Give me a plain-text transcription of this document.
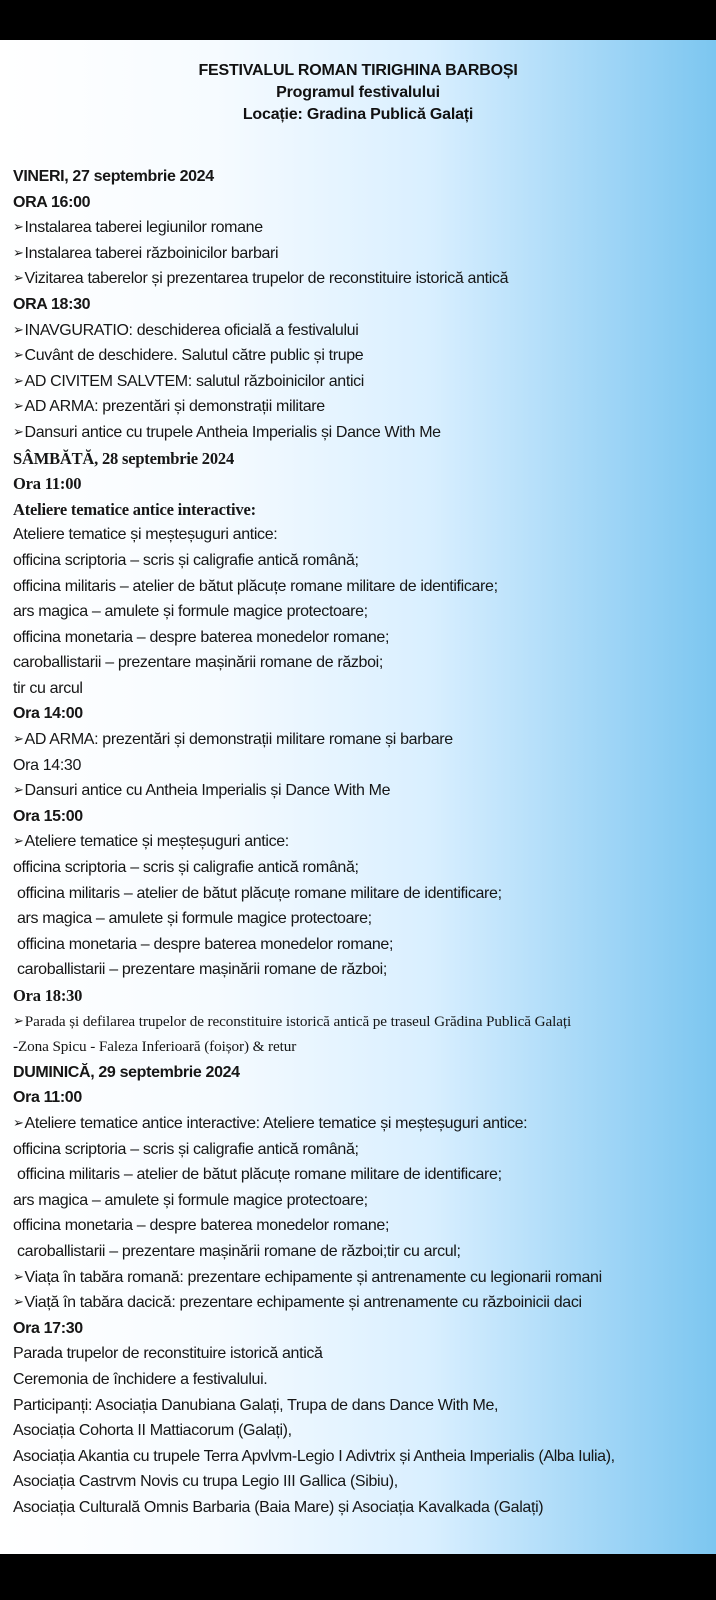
FESTIVALUL ROMAN TIRIGHINA BARBOȘI
Programul festivalului
Locație: Gradina Publică Galați
VINERI, 27 septembrie 2024
ORA 16:00
➢Instalarea taberei legiunilor romane
➢Instalarea taberei războinicilor barbari
➢Vizitarea taberelor și prezentarea trupelor de reconstituire istorică antică
ORA 18:30
➢INAVGURATIO: deschiderea oficială a festivalului
➢Cuvânt de deschidere. Salutul către public și trupe
➢AD CIVITEM SALVTEM: salutul războinicilor antici
➢AD ARMA: prezentări și demonstrații militare
➢Dansuri antice cu trupele Antheia Imperialis și Dance With Me
SÂMBĂTĂ, 28 septembrie 2024
Ora 11:00
Ateliere tematice antice interactive:
Ateliere tematice și meșteșuguri antice:
officina scriptoria – scris și caligrafie antică română;
officina militaris – atelier de bătut plăcuțe romane militare de identificare;
ars magica – amulete și formule magice protectoare;
officina monetaria – despre baterea monedelor romane;
caroballistarii – prezentare mașinării romane de război;
tir cu arcul
Ora 14:00
➢AD ARMA: prezentări și demonstrații militare romane și barbare
Ora 14:30
➢Dansuri antice cu Antheia Imperialis și Dance With Me
Ora 15:00
➢Ateliere tematice și meșteșuguri antice:
officina scriptoria – scris și caligrafie antică română;
officina militaris – atelier de bătut plăcuțe romane militare de identificare;
ars magica – amulete și formule magice protectoare;
officina monetaria – despre baterea monedelor romane;
caroballistarii – prezentare mașinării romane de război;
Ora 18:30
➢Parada și defilarea trupelor de reconstituire istorică antică pe traseul Grădina Publică Galați
-Zona Spicu - Faleza Inferioară (foișor) & retur
DUMINICĂ, 29 septembrie 2024
Ora 11:00
➢Ateliere tematice antice interactive: Ateliere tematice și meșteșuguri antice:
officina scriptoria – scris și caligrafie antică română;
officina militaris – atelier de bătut plăcuțe romane militare de identificare;
ars magica – amulete și formule magice protectoare;
officina monetaria – despre baterea monedelor romane;
caroballistarii – prezentare mașinării romane de război;tir cu arcul;
➢Viața în tabăra romană: prezentare echipamente și antrenamente cu legionarii romani
➢Viață în tabăra dacică: prezentare echipamente și antrenamente cu războinicii daci
Ora 17:30
Parada trupelor de reconstituire istorică antică
Ceremonia de închidere a festivalului.
Participanți: Asociația Danubiana Galați, Trupa de dans Dance With Me,
Asociația Cohorta II Mattiacorum (Galați),
Asociația Akantia cu trupele Terra Apvlvm-Legio I Adivtrix și Antheia Imperialis (Alba Iulia),
Asociația Castrvm Novis cu trupa Legio III Gallica (Sibiu),
Asociația Culturală Omnis Barbaria (Baia Mare) și Asociația Kavalkada (Galați)
